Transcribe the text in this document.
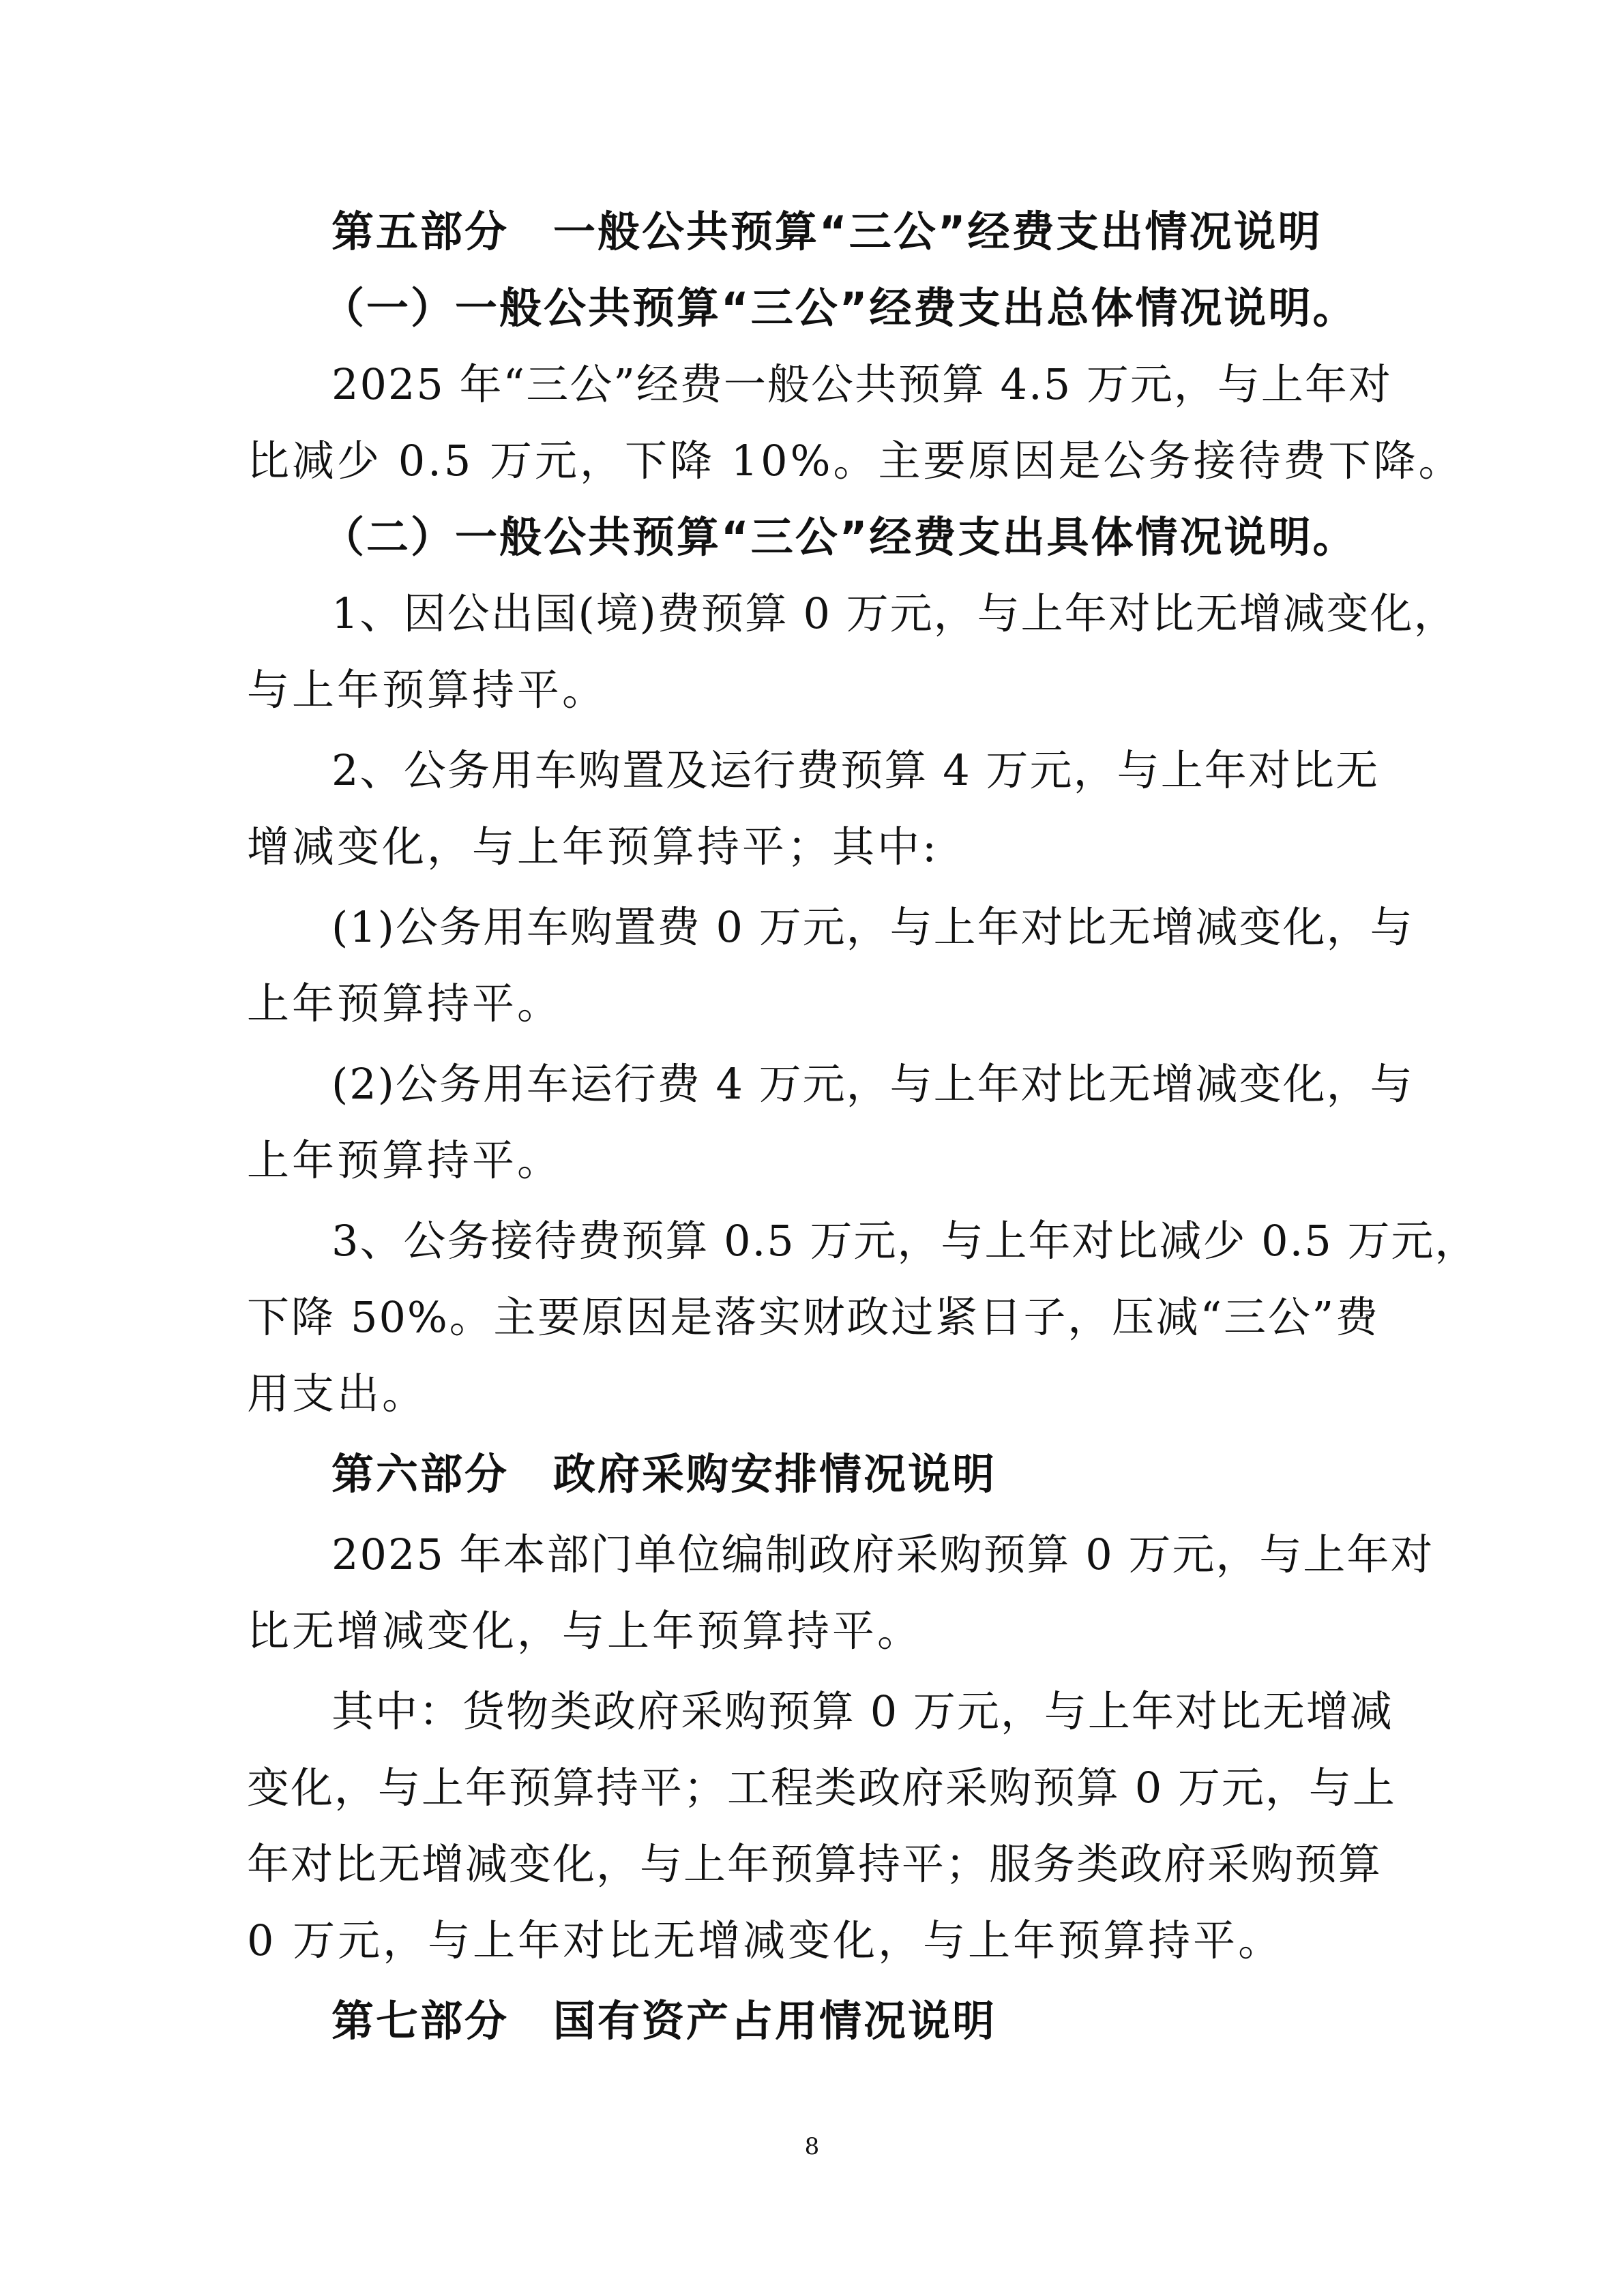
第五部分　一般公共预算“三公”经费支出情况说明
（一）一般公共预算“三公”经费支出总体情况说明。
2025 年“三公”经费一般公共预算 4.5 万元，与上年对
比减少 0.5 万元，下降 10%。主要原因是公务接待费下降。
（二）一般公共预算“三公”经费支出具体情况说明。
1、因公出国(境)费预算 0 万元，与上年对比无增减变化，
与上年预算持平。
2、公务用车购置及运行费预算 4 万元，与上年对比无
增减变化，与上年预算持平；其中:
(1)公务用车购置费 0 万元，与上年对比无增减变化，与
上年预算持平。
(2)公务用车运行费 4 万元，与上年对比无增减变化，与
上年预算持平。
3、公务接待费预算 0.5 万元，与上年对比减少 0.5 万元，
下降 50%。主要原因是落实财政过紧日子，压减“三公”费
用支出。
第六部分　政府采购安排情况说明
2025 年本部门单位编制政府采购预算 0 万元，与上年对
比无增减变化，与上年预算持平。
其中：货物类政府采购预算 0 万元，与上年对比无增减
变化，与上年预算持平；工程类政府采购预算 0 万元，与上
年对比无增减变化，与上年预算持平；服务类政府采购预算
0 万元，与上年对比无增减变化，与上年预算持平。
第七部分　国有资产占用情况说明
8
